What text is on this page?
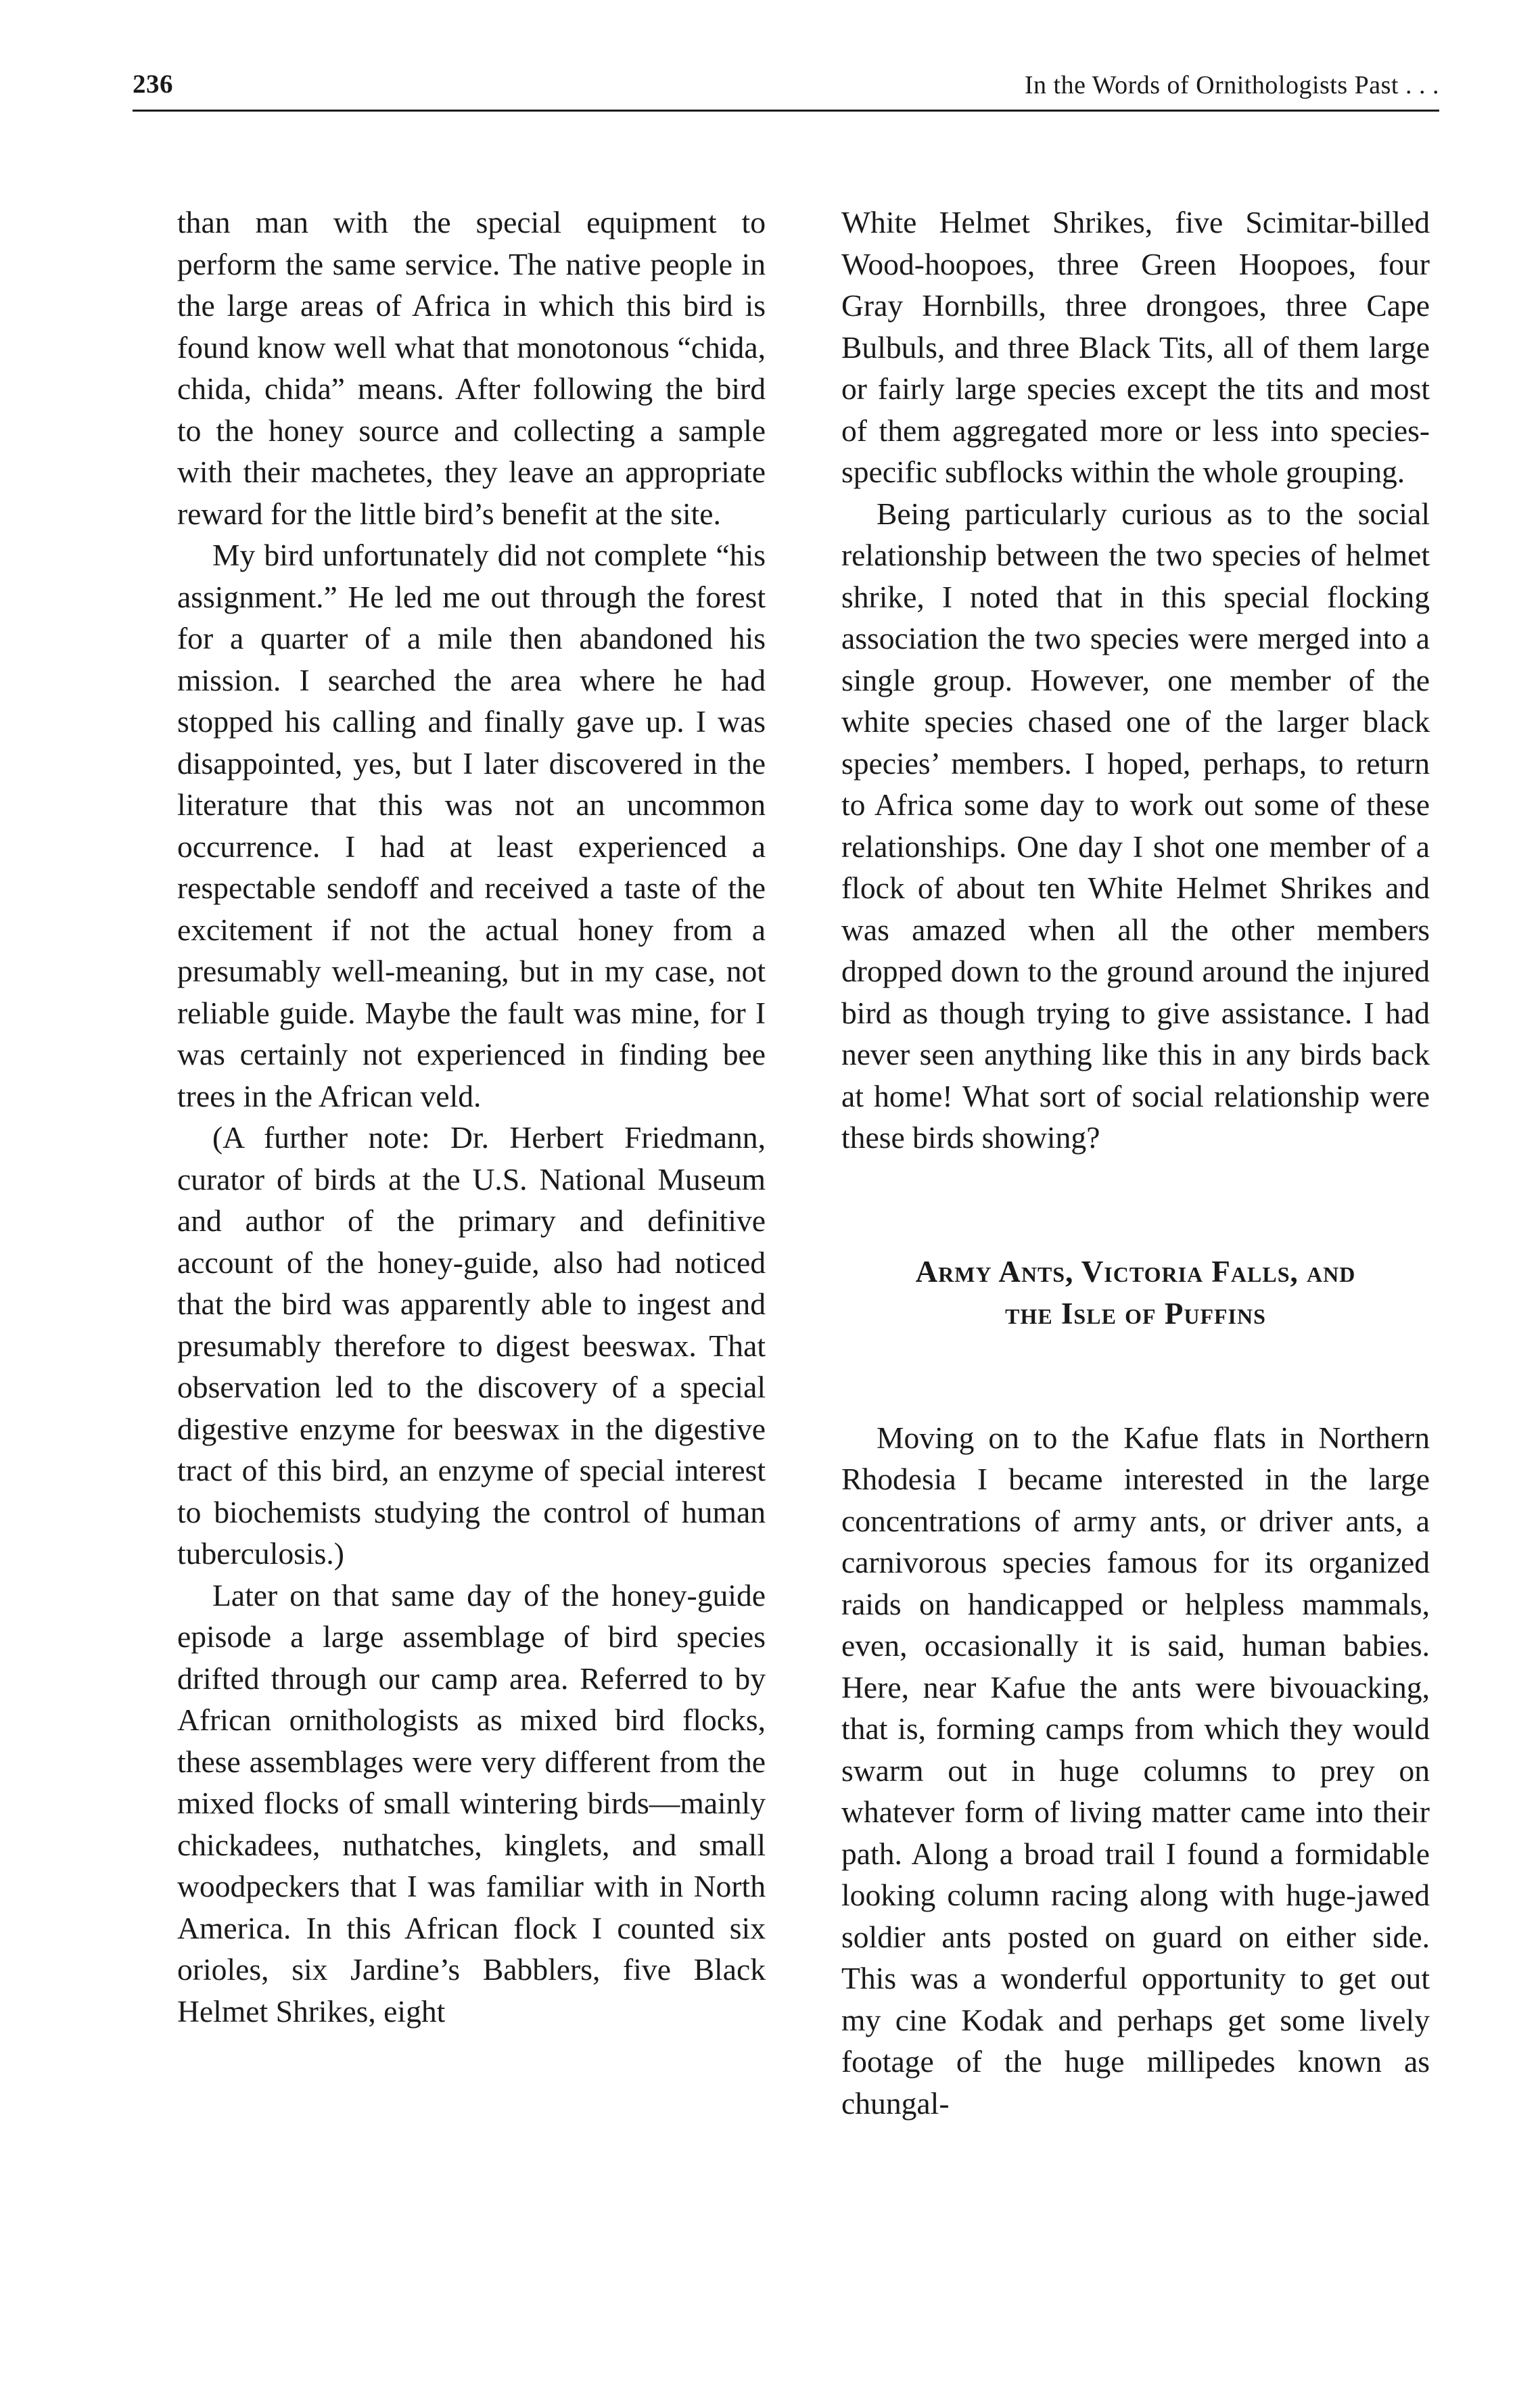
236	In the Words of Ornithologists Past . . .

than man with the special equipment to perform the same service. The native people in the large areas of Africa in which this bird is found know well what that monotonous “chida, chida, chida” means. After following the bird to the honey source and collecting a sample with their machetes, they leave an appropriate reward for the little bird’s benefit at the site.

My bird unfortunately did not complete “his assignment.” He led me out through the forest for a quarter of a mile then abandoned his mission. I searched the area where he had stopped his calling and finally gave up. I was disappointed, yes, but I later discovered in the literature that this was not an uncommon occurrence. I had at least experienced a respectable sendoff and received a taste of the excitement if not the actual honey from a presumably well-meaning, but in my case, not reliable guide. Maybe the fault was mine, for I was certainly not experienced in finding bee trees in the African veld.

(A further note: Dr. Herbert Friedmann, curator of birds at the U.S. National Museum and author of the primary and definitive account of the honey-guide, also had noticed that the bird was apparently able to ingest and presumably therefore to digest beeswax. That observation led to the discovery of a special digestive enzyme for beeswax in the digestive tract of this bird, an enzyme of special interest to biochemists studying the control of human tuberculosis.)

Later on that same day of the honey-guide episode a large assemblage of bird species drifted through our camp area. Referred to by African ornithologists as mixed bird flocks, these assemblages were very different from the mixed flocks of small wintering birds—mainly chickadees, nuthatches, kinglets, and small woodpeckers that I was familiar with in North America. In this African flock I counted six orioles, six Jardine’s Babblers, five Black Helmet Shrikes, eight

White Helmet Shrikes, five Scimitar-billed Wood-hoopoes, three Green Hoopoes, four Gray Hornbills, three drongoes, three Cape Bulbuls, and three Black Tits, all of them large or fairly large species except the tits and most of them aggregated more or less into species-specific subflocks within the whole grouping.

Being particularly curious as to the social relationship between the two species of helmet shrike, I noted that in this special flocking association the two species were merged into a single group. However, one member of the white species chased one of the larger black species’ members. I hoped, perhaps, to return to Africa some day to work out some of these relationships. One day I shot one member of a flock of about ten White Helmet Shrikes and was amazed when all the other members dropped down to the ground around the injured bird as though trying to give assistance. I had never seen anything like this in any birds back at home! What sort of social relationship were these birds showing?

Army Ants, Victoria Falls, and
the Isle of Puffins

Moving on to the Kafue flats in Northern Rhodesia I became interested in the large concentrations of army ants, or driver ants, a carnivorous species famous for its organized raids on handicapped or helpless mammals, even, occasionally it is said, human babies. Here, near Kafue the ants were bivouacking, that is, forming camps from which they would swarm out in huge columns to prey on whatever form of living matter came into their path. Along a broad trail I found a formidable looking column racing along with huge-jawed soldier ants posted on guard on either side. This was a wonderful opportunity to get out my cine Kodak and perhaps get some lively footage of the huge millipedes known as chungal-
